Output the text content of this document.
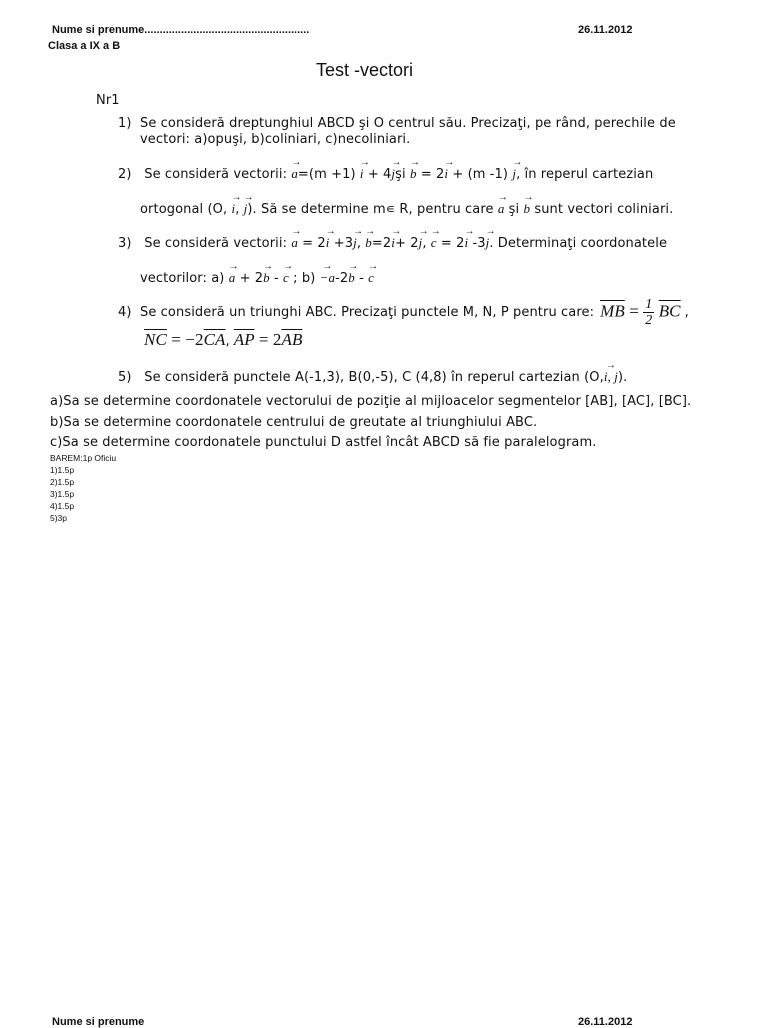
Nume si prenume......................................................	26.11.2012
Clasa a IX a B
Test -vectori
Nr1
1) Se consideră dreptunghiul ABCD şi O centrul său. Precizaţi, pe rând, perechile de
vectori: a)opuşi, b)coliniari, c)necoliniari.
2) Se consideră vectorii:
→
a=(m +1)
→
i + 4
→
jşi
→
b = 2
→
i + (m -1)
→
j, în reperul cartezian
ortogonal (O,
→
i,
→
j). Să se determine m∊ R, pentru care
→
a şi
→
b sunt vectori coliniari.
3) Se consideră vectorii:
→
a = 2
→
i +3
→
j,
→
b=2
→
i+ 2
→
j,
→
c = 2
→
i -3
→
j. Determinaţi coordonatele
vectorilor: a)
→
a + 2
→
b -
→
c ; b)
→
−a-2
→
b -
→
c
4) Se consideră un triunghi ABC. Precizaţi punctele M, N, P pentru care: $\overline{MB} = \frac{1}{2} \overline{BC}$ ,
$\overline{NC} = -2\overline{CA}$, $\overline{AP} = 2\overline{AB}$
5) Se consideră punctele A(-1,3), B(0,-5), C (4,8) în reperul cartezian (O,
→
i, j).
a)Sa se determine coordonatele vectorului de poziţie al mijloacelor segmentelor [AB], [AC], [BC].
b)Sa se determine coordonatele centrului de greutate al triunghiului ABC.
c)Sa se determine coordonatele punctului D astfel încât ABCD să fie paralelogram.
BAREM:1p Oficiu
1)1.5p
2)1.5p
3)1.5p
4)1.5p
5)3p
Nume si prenume	26.11.2012
